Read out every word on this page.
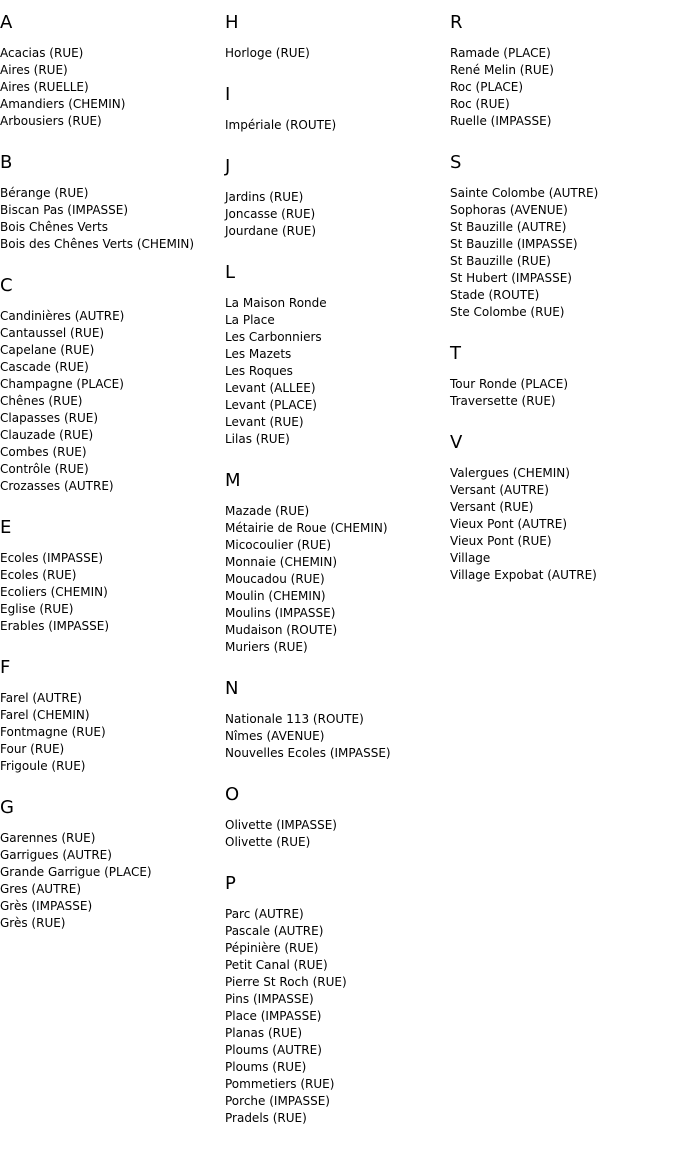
A
Acacias (RUE)
Aires (RUE)
Aires (RUELLE)
Amandiers (CHEMIN)
Arbousiers (RUE)
B
Bérange (RUE)
Biscan Pas (IMPASSE)
Bois Chênes Verts
Bois des Chênes Verts (CHEMIN)
C
Candinières (AUTRE)
Cantaussel (RUE)
Capelane (RUE)
Cascade (RUE)
Champagne (PLACE)
Chênes (RUE)
Clapasses (RUE)
Clauzade (RUE)
Combes (RUE)
Contrôle (RUE)
Crozasses (AUTRE)
E
Ecoles (IMPASSE)
Ecoles (RUE)
Ecoliers (CHEMIN)
Eglise (RUE)
Erables (IMPASSE)
F
Farel (AUTRE)
Farel (CHEMIN)
Fontmagne (RUE)
Four (RUE)
Frigoule (RUE)
G
Garennes (RUE)
Garrigues (AUTRE)
Grande Garrigue (PLACE)
Gres (AUTRE)
Grès (IMPASSE)
Grès (RUE)
H
Horloge (RUE)
I
Impériale (ROUTE)
J
Jardins (RUE)
Joncasse (RUE)
Jourdane (RUE)
L
La Maison Ronde
La Place
Les Carbonniers
Les Mazets
Les Roques
Levant (ALLEE)
Levant (PLACE)
Levant (RUE)
Lilas (RUE)
M
Mazade (RUE)
Métairie de Roue (CHEMIN)
Micocoulier (RUE)
Monnaie (CHEMIN)
Moucadou (RUE)
Moulin (CHEMIN)
Moulins (IMPASSE)
Mudaison (ROUTE)
Muriers (RUE)
N
Nationale 113 (ROUTE)
Nîmes (AVENUE)
Nouvelles Ecoles (IMPASSE)
O
Olivette (IMPASSE)
Olivette (RUE)
P
Parc (AUTRE)
Pascale (AUTRE)
Pépinière (RUE)
Petit Canal (RUE)
Pierre St Roch (RUE)
Pins (IMPASSE)
Place (IMPASSE)
Planas (RUE)
Ploums (AUTRE)
Ploums (RUE)
Pommetiers (RUE)
Porche (IMPASSE)
Pradels (RUE)
R
Ramade (PLACE)
René Melin (RUE)
Roc (PLACE)
Roc (RUE)
Ruelle (IMPASSE)
S
Sainte Colombe (AUTRE)
Sophoras (AVENUE)
St Bauzille (AUTRE)
St Bauzille (IMPASSE)
St Bauzille (RUE)
St Hubert (IMPASSE)
Stade (ROUTE)
Ste Colombe (RUE)
T
Tour Ronde (PLACE)
Traversette (RUE)
V
Valergues (CHEMIN)
Versant (AUTRE)
Versant (RUE)
Vieux Pont (AUTRE)
Vieux Pont (RUE)
Village
Village Expobat (AUTRE)
